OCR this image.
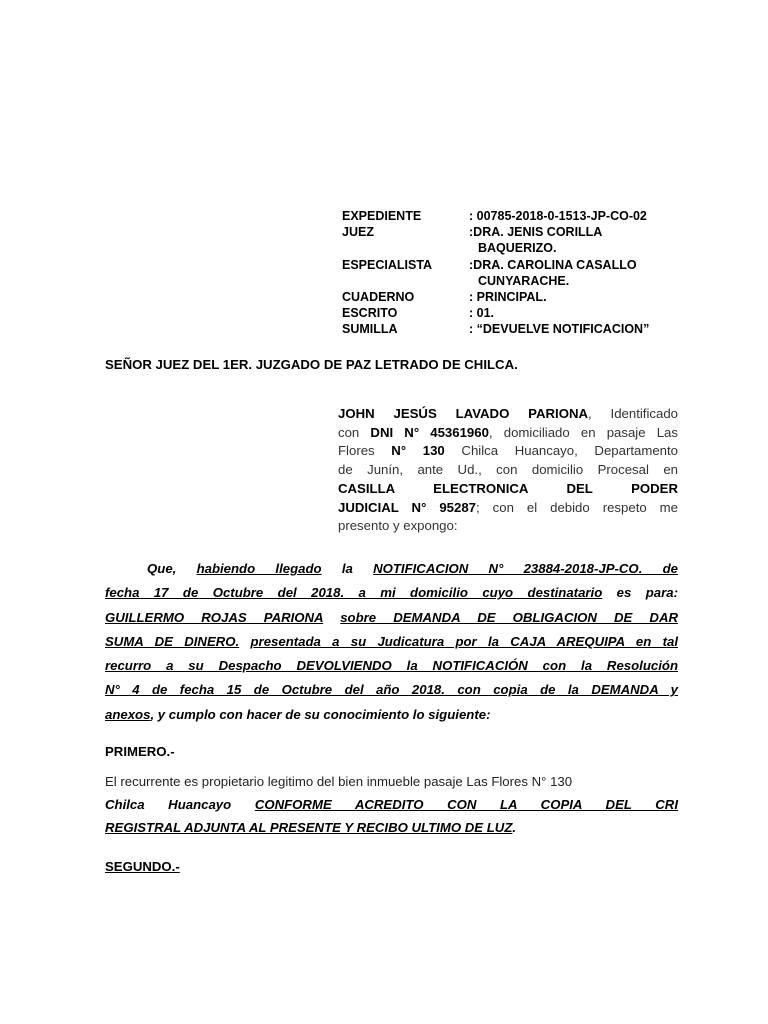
EXPEDIENTE	: 00785-2018-0-1513-JP-CO-02
JUEZ	:DRA. JENIS CORILLA
BAQUERIZO.
ESPECIALISTA	:DRA. CAROLINA CASALLO
CUNYARACHE.
CUADERNO	: PRINCIPAL.
ESCRITO	: 01.
SUMILLA	: “DEVUELVE NOTIFICACION”
SEÑOR JUEZ DEL 1ER. JUZGADO DE PAZ LETRADO DE CHILCA.
JOHN JESÚS LAVADO PARIONA, Identificado
con DNI N° 45361960, domiciliado en pasaje Las
Flores N° 130 Chilca Huancayo, Departamento
de Junín, ante Ud., con domicilio Procesal en
CASILLA ELECTRONICA DEL PODER
JUDICIAL N° 95287; con el debido respeto me
presento y expongo:
Que, habiendo llegado la NOTIFICACION N° 23884-2018-JP-CO. de
fecha 17 de Octubre del 2018. a mi domicilio cuyo destinatario es para:
GUILLERMO ROJAS PARIONA sobre DEMANDA DE OBLIGACION DE DAR
SUMA DE DINERO. presentada a su Judicatura por la CAJA AREQUIPA en tal
recurro a su Despacho DEVOLVIENDO la NOTIFICACIÓN con la Resolución
N° 4 de fecha 15 de Octubre del año 2018. con copia de la DEMANDA y
anexos, y cumplo con hacer de su conocimiento lo siguiente:
PRIMERO.-
El recurrente es propietario legitimo del bien inmueble pasaje Las Flores N° 130
Chilca Huancayo CONFORME ACREDITO CON LA COPIA DEL CRI
REGISTRAL ADJUNTA AL PRESENTE Y RECIBO ULTIMO DE LUZ.
SEGUNDO.-
